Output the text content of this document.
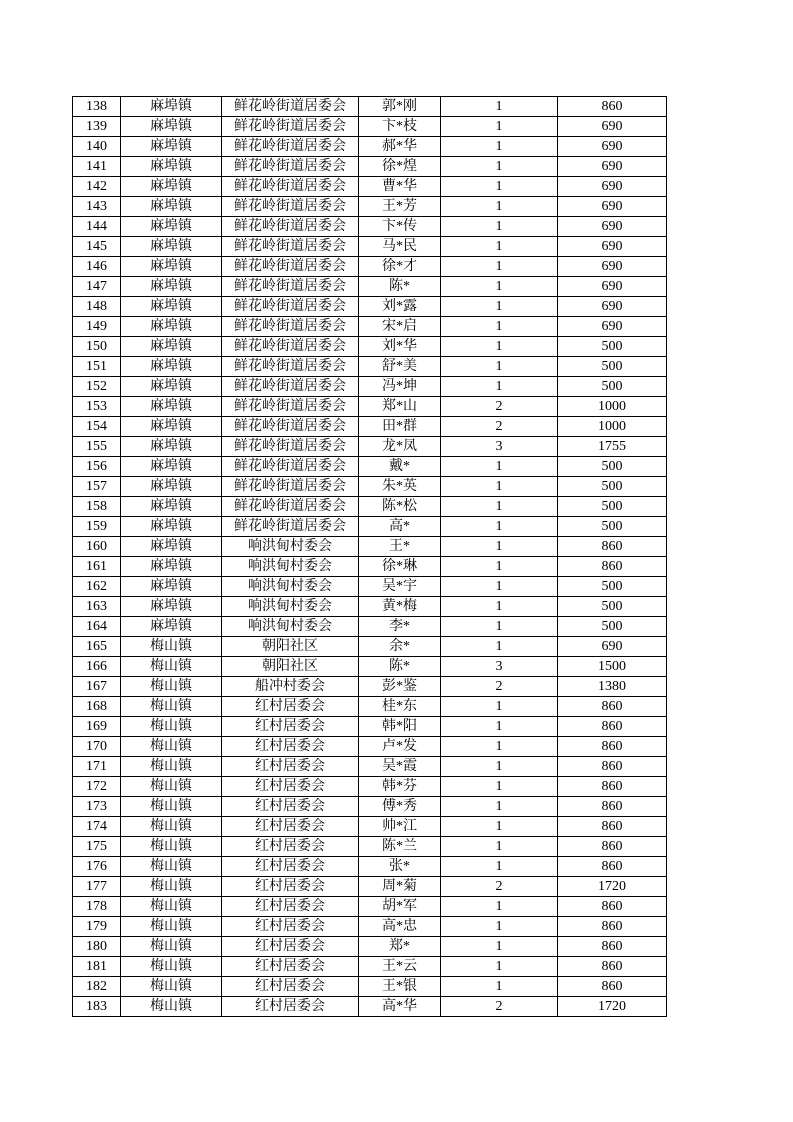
138	麻埠镇	鲜花岭街道居委会	郭*刚	1	860
139	麻埠镇	鲜花岭街道居委会	卞*枝	1	690
140	麻埠镇	鲜花岭街道居委会	郝*华	1	690
141	麻埠镇	鲜花岭街道居委会	徐*煌	1	690
142	麻埠镇	鲜花岭街道居委会	曹*华	1	690
143	麻埠镇	鲜花岭街道居委会	王*芳	1	690
144	麻埠镇	鲜花岭街道居委会	卞*传	1	690
145	麻埠镇	鲜花岭街道居委会	马*民	1	690
146	麻埠镇	鲜花岭街道居委会	徐*才	1	690
147	麻埠镇	鲜花岭街道居委会	陈*	1	690
148	麻埠镇	鲜花岭街道居委会	刘*露	1	690
149	麻埠镇	鲜花岭街道居委会	宋*启	1	690
150	麻埠镇	鲜花岭街道居委会	刘*华	1	500
151	麻埠镇	鲜花岭街道居委会	舒*美	1	500
152	麻埠镇	鲜花岭街道居委会	冯*坤	1	500
153	麻埠镇	鲜花岭街道居委会	郑*山	2	1000
154	麻埠镇	鲜花岭街道居委会	田*群	2	1000
155	麻埠镇	鲜花岭街道居委会	龙*凤	3	1755
156	麻埠镇	鲜花岭街道居委会	戴*	1	500
157	麻埠镇	鲜花岭街道居委会	朱*英	1	500
158	麻埠镇	鲜花岭街道居委会	陈*松	1	500
159	麻埠镇	鲜花岭街道居委会	高*	1	500
160	麻埠镇	响洪甸村委会	王*	1	860
161	麻埠镇	响洪甸村委会	徐*琳	1	860
162	麻埠镇	响洪甸村委会	吴*宇	1	500
163	麻埠镇	响洪甸村委会	黄*梅	1	500
164	麻埠镇	响洪甸村委会	李*	1	500
165	梅山镇	朝阳社区	余*	1	690
166	梅山镇	朝阳社区	陈*	3	1500
167	梅山镇	船冲村委会	彭*鉴	2	1380
168	梅山镇	红村居委会	桂*东	1	860
169	梅山镇	红村居委会	韩*阳	1	860
170	梅山镇	红村居委会	卢*发	1	860
171	梅山镇	红村居委会	吴*霞	1	860
172	梅山镇	红村居委会	韩*芬	1	860
173	梅山镇	红村居委会	傅*秀	1	860
174	梅山镇	红村居委会	帅*江	1	860
175	梅山镇	红村居委会	陈*兰	1	860
176	梅山镇	红村居委会	张*	1	860
177	梅山镇	红村居委会	周*菊	2	1720
178	梅山镇	红村居委会	胡*军	1	860
179	梅山镇	红村居委会	高*忠	1	860
180	梅山镇	红村居委会	郑*	1	860
181	梅山镇	红村居委会	王*云	1	860
182	梅山镇	红村居委会	王*银	1	860
183	梅山镇	红村居委会	高*华	2	1720
